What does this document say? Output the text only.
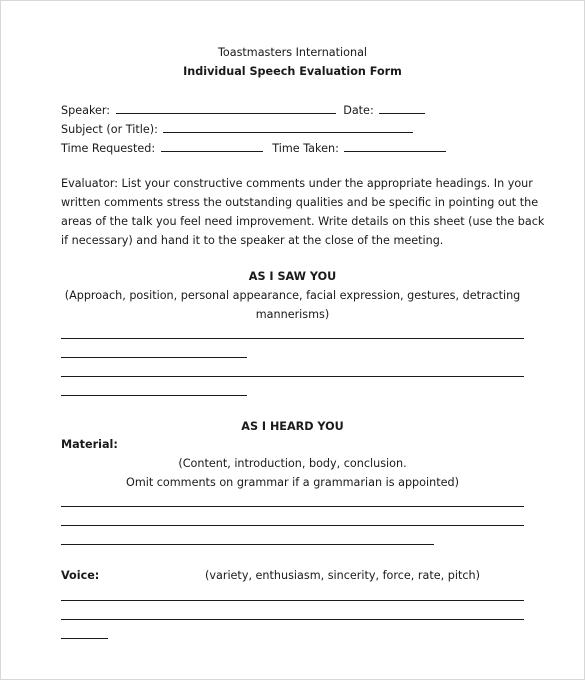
Toastmasters International
Individual Speech Evaluation Form
Speaker:	Date:
Subject (or Title):
Time Requested:	Time Taken:
Evaluator: List your constructive comments under the appropriate headings. In your
written comments stress the outstanding qualities and be specific in pointing out the
areas of the talk you feel need improvement. Write details on this sheet (use the back
if necessary) and hand it to the speaker at the close of the meeting.
AS I SAW YOU
(Approach, position, personal appearance, facial expression, gestures, detracting
mannerisms)
AS I HEARD YOU
Material:
(Content, introduction, body, conclusion.
Omit comments on grammar if a grammarian is appointed)
Voice:	(variety, enthusiasm, sincerity, force, rate, pitch)
